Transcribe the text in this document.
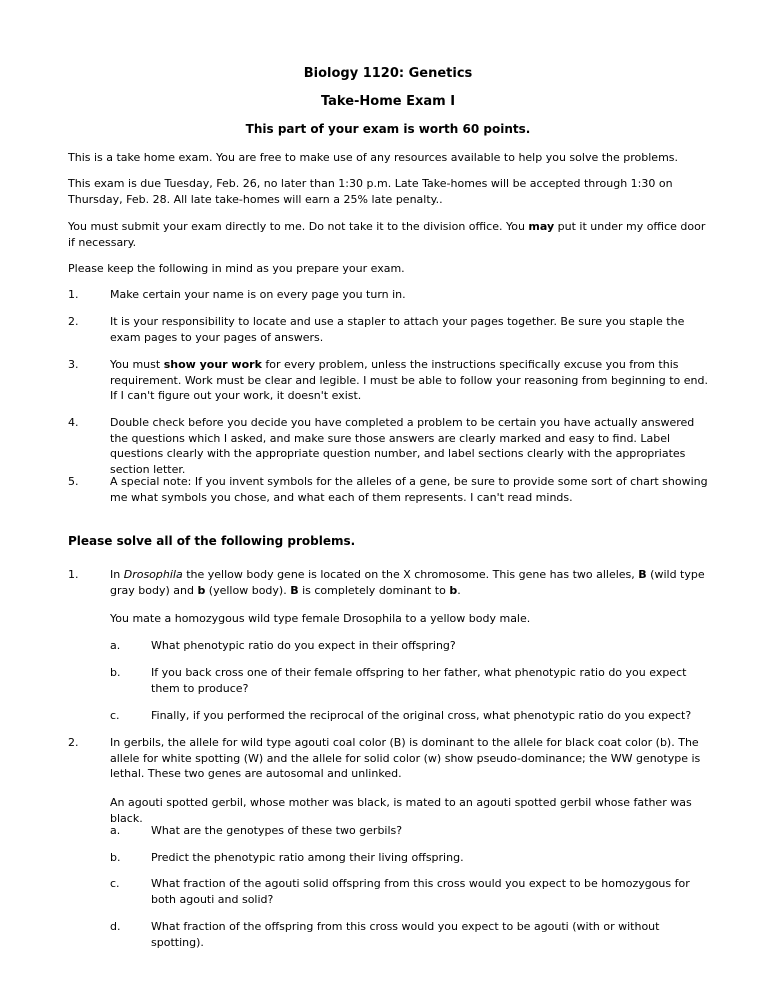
Biology 1120: Genetics
Take-Home Exam I
This part of your exam is worth 60 points.
This is a take home exam. You are free to make use of any resources available to help you solve the problems.
This exam is due Tuesday, Feb. 26, no later than 1:30 p.m. Late Take-homes will be accepted through 1:30 on Thursday, Feb. 28. All late take-homes will earn a 25% late penalty..
You must submit your exam directly to me. Do not take it to the division office. You may put it under my office door if necessary.
Please keep the following in mind as you prepare your exam.
1.	Make certain your name is on every page you turn in.
2.	It is your responsibility to locate and use a stapler to attach your pages together. Be sure you staple the exam pages to your pages of answers.
3.	You must show your work for every problem, unless the instructions specifically excuse you from this requirement. Work must be clear and legible. I must be able to follow your reasoning from beginning to end. If I can't figure out your work, it doesn't exist.
4.	Double check before you decide you have completed a problem to be certain you have actually answered the questions which I asked, and make sure those answers are clearly marked and easy to find. Label questions clearly with the appropriate question number, and label sections clearly with the appropriates section letter.
5.	A special note: If you invent symbols for the alleles of a gene, be sure to provide some sort of chart showing me what symbols you chose, and what each of them represents. I can't read minds.
Please solve all of the following problems.
1.	In Drosophila the yellow body gene is located on the X chromosome. This gene has two alleles, B (wild type gray body) and b (yellow body). B is completely dominant to b.
You mate a homozygous wild type female Drosophila to a yellow body male.
a.	What phenotypic ratio do you expect in their offspring?
b.	If you back cross one of their female offspring to her father, what phenotypic ratio do you expect them to produce?
c.	Finally, if you performed the reciprocal of the original cross, what phenotypic ratio do you expect?
2.	In gerbils, the allele for wild type agouti coal color (B) is dominant to the allele for black coat color (b). The allele for white spotting (W) and the allele for solid color (w) show pseudo-dominance; the WW genotype is lethal. These two genes are autosomal and unlinked.
An agouti spotted gerbil, whose mother was black, is mated to an agouti spotted gerbil whose father was black.
a.	What are the genotypes of these two gerbils?
b.	Predict the phenotypic ratio among their living offspring.
c.	What fraction of the agouti solid offspring from this cross would you expect to be homozygous for both agouti and solid?
d.	What fraction of the offspring from this cross would you expect to be agouti (with or without spotting).
